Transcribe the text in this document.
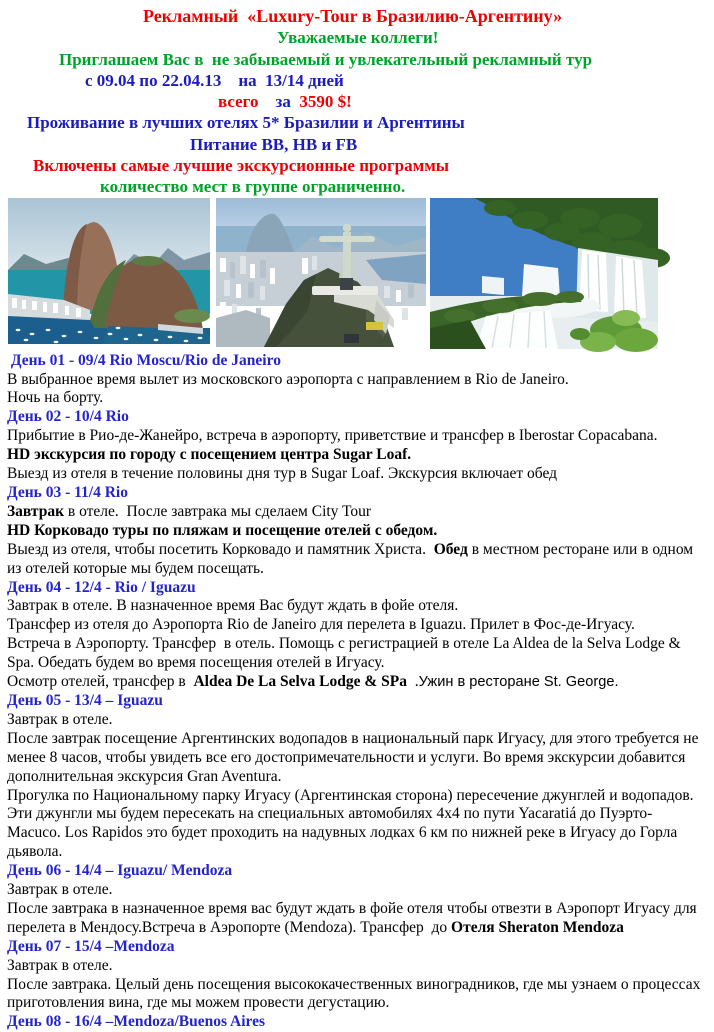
Рекламный  «Luxury-Tour в Бразилию-Аргентину»
Уважаемые коллеги!
Приглашаем Вас в  не забываемый и увлекательный рекламный тур
с 09.04 по 22.04.13    на  13/14 дней
всего    за  3590 $!
Проживание в лучших отелях 5* Бразилии и Аргентины
Питание BB, HB и FB
Включены самые лучшие экскурсионные программы
количество мест в группе ограниченно.
День 01 - 09/4 Rio Moscu/Rio de Janeiro
В выбранное время вылет из московского аэропорта с направлением в Rio de Janeiro.
Ночь на борту.
День 02 - 10/4 Rio
Прибытие в Рио-де-Жанейро, встреча в аэропорту, приветствие и трансфер в Iberostar Copacabana.
HD экскурсия по городу с посещением центра Sugar Loaf.
Выезд из отеля в течение половины дня тур в Sugar Loaf. Экскурсия включает обед
День 03 - 11/4 Rio
Завтрак в отеле.  После завтрака мы сделаем City Tour
HD Корковадо туры по пляжам и посещение отелей с обедом.
Выезд из отеля, чтобы посетить Корковадо и памятник Христа.  Обед в местном ресторане или в одном из отелей которые мы будем посещать.
День 04 - 12/4 - Rio / Iguazu
Завтрак в отеле. В назначенное время Вас будут ждать в фойе отеля.
Трансфер из отеля до Аэропорта Rio de Janeiro для перелета в Iguazu. Прилет в Фос-де-Игуасу.
Встреча в Аэропорту. Трансфер  в отель. Помощь с регистрацией в отеле La Aldea de la Selva Lodge & Spa. Обедать будем во время посещения отелей в Игуасу.
Осмотр отелей, трансфер в  Aldea De La Selva Lodge & SPa  .Ужин в ресторане St. George.
День 05 - 13/4 – Iguazu
Завтрак в отеле.
После завтрак посещение Аргентинских водопадов в национальный парк Игуасу, для этого требуется не менее 8 часов, чтобы увидеть все его достопримечательности и услуги. Во время экскурсии добавится дополнительная экскурсия Gran Aventura.
Прогулка по Национальному парку Игуасу (Аргентинская сторона) пересечение джунглей и водопадов. Эти джунгли мы будем пересекать на специальных автомобилях 4x4 по пути Yacaratiá до Пуэрто-Macuco. Los Rapidos это будет проходить на надувных лодках 6 км по нижней реке в Игуасу до Горла дьявола.
День 06 - 14/4 – Iguazu/ Mendoza
Завтрак в отеле.
После завтрака в назначенное время вас будут ждать в фойе отеля чтобы отвезти в Аэропорт Игуасу для перелета в Мендосу.Встреча в Аэропорте (Mendoza). Трансфер  до Отеля Sheraton Mendoza
День 07 - 15/4 –Mendoza
Завтрак в отеле.
После завтрака. Целый день посещения высококачественных виноградников, где мы узнаем о процессах приготовления вина, где мы можем провести дегустацию.
День 08 - 16/4 –Mendoza/Buenos Aires
